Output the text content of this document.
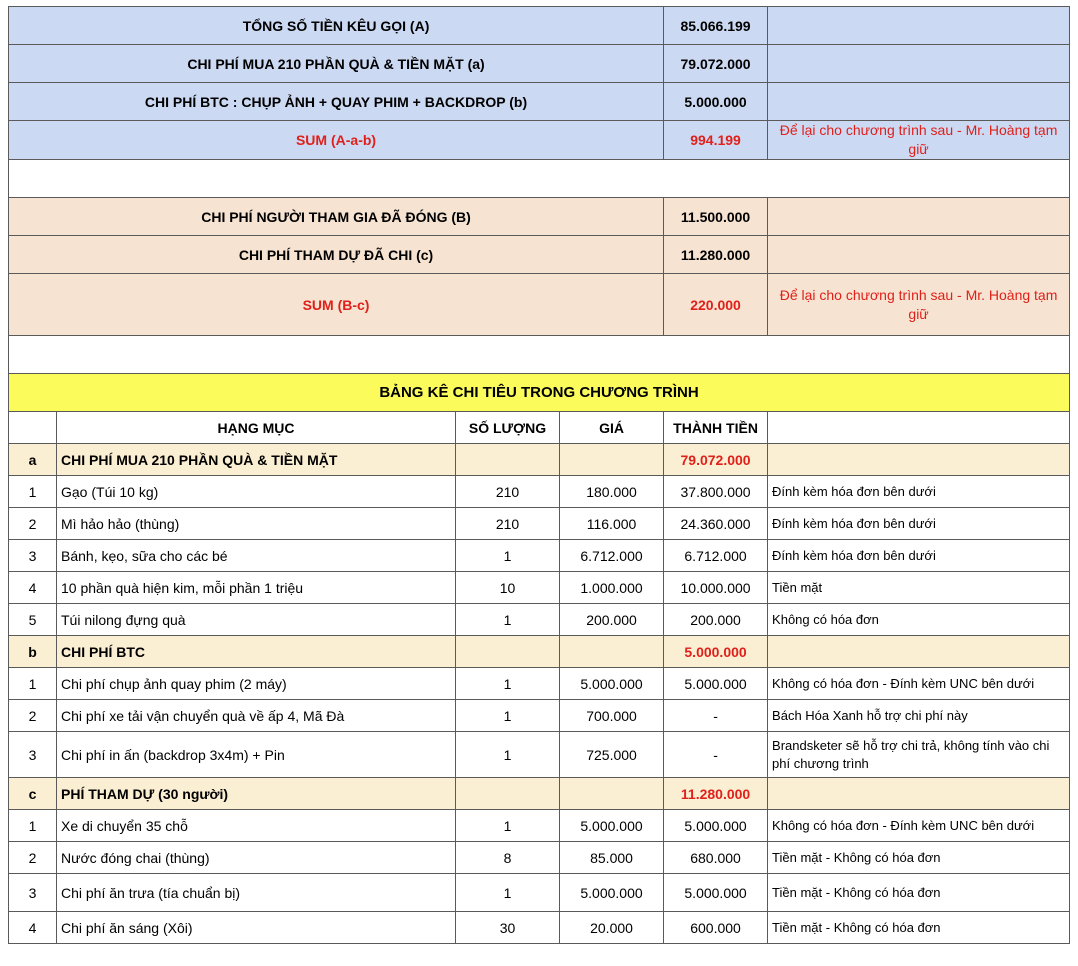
TỔNG SỐ TIỀN KÊU GỌI (A)				85.066.199	
CHI PHÍ MUA 210 PHẦN QUÀ & TIỀN MẶT (a)				79.072.000	
CHI PHÍ BTC : CHỤP ẢNH + QUAY PHIM + BACKDROP (b)				5.000.000	
SUM (A-a-b)				994.199	Để lại cho chương trình sau - Mr. Hoàng tạm giữ

CHI PHÍ NGƯỜI THAM GIA ĐÃ ĐÓNG (B)				11.500.000	
CHI PHÍ THAM DỰ ĐÃ CHI (c)				11.280.000	
SUM (B-c)				220.000	Để lại cho chương trình sau - Mr. Hoàng tạm giữ

BẢNG KÊ CHI TIÊU TRONG CHƯƠNG TRÌNH					
	HẠNG MỤC	SỐ LƯỢNG	GIÁ	THÀNH TIỀN	
a	CHI PHÍ MUA 210 PHẦN QUÀ & TIỀN MẶT			79.072.000	
1	Gạo (Túi 10 kg)	210	180.000	37.800.000	Đính kèm hóa đơn bên dưới
2	Mì hảo hảo (thùng)	210	116.000	24.360.000	Đính kèm hóa đơn bên dưới
3	Bánh, kẹo, sữa cho các bé	1	6.712.000	6.712.000	Đính kèm hóa đơn bên dưới
4	10 phần quà hiện kim, mỗi phần 1 triệu	10	1.000.000	10.000.000	Tiền mặt
5	Túi nilong đựng quà	1	200.000	200.000	Không có hóa đơn
b	CHI PHÍ BTC			5.000.000	
1	Chi phí chụp ảnh quay phim (2 máy)	1	5.000.000	5.000.000	Không có hóa đơn - Đính kèm UNC bên dưới
2	Chi phí xe tải vận chuyển quà về ấp 4, Mã Đà	1	700.000	-	Bách Hóa Xanh hỗ trợ chi phí này
3	Chi phí in ấn (backdrop 3x4m) + Pin	1	725.000	-	Brandsketer sẽ hỗ trợ chi trả, không tính vào chi phí chương trình
c	PHÍ THAM DỰ (30 người)			11.280.000	
1	Xe di chuyển 35 chỗ	1	5.000.000	5.000.000	Không có hóa đơn - Đính kèm UNC bên dưới
2	Nước đóng chai (thùng)	8	85.000	680.000	Tiền mặt - Không có hóa đơn
3	Chi phí ăn trưa (tía chuẩn bị)	1	5.000.000	5.000.000	Tiền mặt - Không có hóa đơn
4	Chi phí ăn sáng (Xôi)	30	20.000	600.000	Tiền mặt - Không có hóa đơn
